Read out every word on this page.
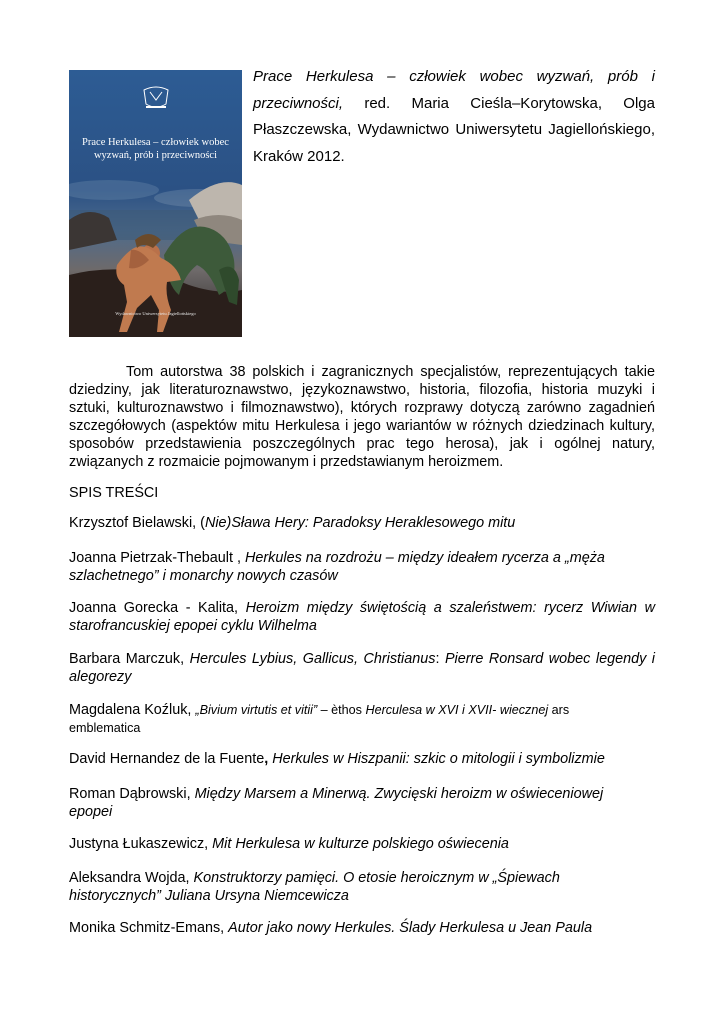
Prace Herkulesa – człowiek wobec
wyzwań, prób i przeciwności
Wydawnictwo Uniwersytetu Jagiellońskiego
Prace Herkulesa – człowiek wobec wyzwań, prób i
przeciwności, red. Maria Cieśla–Korytowska, Olga
Płaszczewska, Wydawnictwo Uniwersytetu Jagiellońskiego,
Kraków 2012.
Tom autorstwa 38 polskich i zagranicznych specjalistów, reprezentujących takie
dziedziny, jak literaturoznawstwo, językoznawstwo, historia, filozofia, historia muzyki i
sztuki, kulturoznawstwo i filmoznawstwo), których rozprawy dotyczą zarówno zagadnień
szczegółowych (aspektów mitu Herkulesa i jego wariantów w różnych dziedzinach kultury,
sposobów przedstawienia poszczególnych prac tego herosa), jak i ogólnej natury,
związanych z rozmaicie pojmowanym i przedstawianym heroizmem.
SPIS TREŚCI
Krzysztof Bielawski, (Nie)Sława Hery: Paradoksy Heraklesowego mitu
Joanna Pietrzak-Thebault , Herkules na rozdrożu – między ideałem rycerza a „męża
szlachetnego” i monarchy nowych czasów
Joanna Gorecka - Kalita, Heroizm między świętością a szaleństwem: rycerz Wiwian w
starofrancuskiej epopei cyklu Wilhelma
Barbara Marczuk, Hercules Lybius, Gallicus, Christianus: Pierre Ronsard wobec legendy i
alegorezy
Magdalena Koźluk, „Bivium virtutis et vitii” – èthos Herculesa w XVI i XVII- wiecznej ars
emblematica
David Hernandez de la Fuente, Herkules w Hiszpanii: szkic o mitologii i symbolizmie
Roman Dąbrowski, Między Marsem a Minerwą. Zwycięski heroizm w oświeceniowej
epopei
Justyna Łukaszewicz, Mit Herkulesa w kulturze polskiego oświecenia
Aleksandra Wojda, Konstruktorzy pamięci. O etosie heroicznym w „Śpiewach
historycznych” Juliana Ursyna Niemcewicza
Monika Schmitz-Emans, Autor jako nowy Herkules. Ślady Herkulesa u Jean Paula
